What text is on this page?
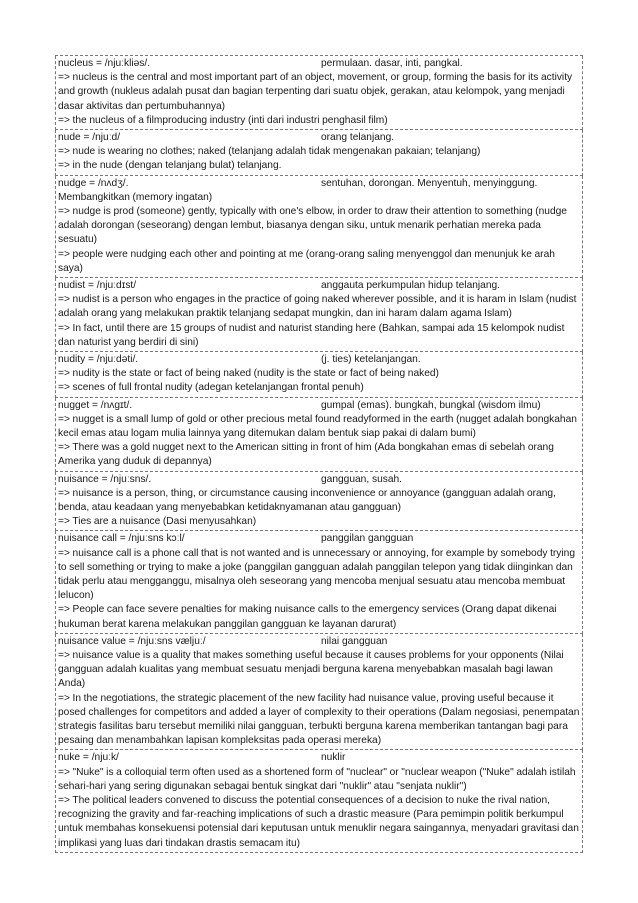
nucleus = /njuːkliəs/.	permulaan. dasar, inti, pangkal.
=> nucleus is the central and most important part of an object, movement, or group, forming the basis for its activity and growth (nukleus adalah pusat dan bagian terpenting dari suatu objek, gerakan, atau kelompok, yang menjadi dasar aktivitas dan pertumbuhannya)
=> the nucleus of a filmproducing industry (inti dari industri penghasil film)
nude = /njuːd/	orang telanjang.
=> nude is wearing no clothes; naked (telanjang adalah tidak mengenakan pakaian; telanjang)
=> in the nude (dengan telanjang bulat) telanjang.
nudge = /nʌdʒ/.	sentuhan, dorongan. Menyentuh, menyinggung.
Membangkitkan (memory ingatan)
=> nudge is prod (someone) gently, typically with one's elbow, in order to draw their attention to something (nudge adalah dorongan (seseorang) dengan lembut, biasanya dengan siku, untuk menarik perhatian mereka pada sesuatu)
=> people were nudging each other and pointing at me (orang-orang saling menyenggol dan menunjuk ke arah saya)
nudist = /njuːdɪst/	anggauta perkumpulan hidup telanjang.
=> nudist is a person who engages in the practice of going naked wherever possible, and it is haram in Islam (nudist adalah orang yang melakukan praktik telanjang sedapat mungkin, dan ini haram dalam agama Islam)
=> In fact, until there are 15 groups of nudist and naturist standing here (Bahkan, sampai ada 15 kelompok nudist dan naturist yang berdiri di sini)
nudity = /njuːdəti/.	(j. ties) ketelanjangan.
=> nudity is the state or fact of being naked (nudity is the state or fact of being naked)
=> scenes of full frontal nudity (adegan ketelanjangan frontal penuh)
nugget = /nʌɡɪt/.	gumpal (emas). bungkah, bungkal (wisdom ilmu)
=> nugget is a small lump of gold or other precious metal found readyformed in the earth (nugget adalah bongkahan kecil emas atau logam mulia lainnya yang ditemukan dalam bentuk siap pakai di dalam bumi)
=> There was a gold nugget next to the American sitting in front of him (Ada bongkahan emas di sebelah orang Amerika yang duduk di depannya)
nuisance = /njuːsns/.	gangguan, susah.
=> nuisance is a person, thing, or circumstance causing inconvenience or annoyance (gangguan adalah orang, benda, atau keadaan yang menyebabkan ketidaknyamanan atau gangguan)
=> Ties are a nuisance (Dasi menyusahkan)
nuisance call = /njuːsns kɔːl/	panggilan gangguan
=> nuisance call is a phone call that is not wanted and is unnecessary or annoying, for example by somebody trying to sell something or trying to make a joke (panggilan gangguan adalah panggilan telepon yang tidak diinginkan dan tidak perlu atau mengganggu, misalnya oleh seseorang yang mencoba menjual sesuatu atau mencoba membuat lelucon)
=> People can face severe penalties for making nuisance calls to the emergency services (Orang dapat dikenai hukuman berat karena melakukan panggilan gangguan ke layanan darurat)
nuisance value = /njuːsns væljuː/	nilai gangguan
=> nuisance value is a quality that makes something useful because it causes problems for your opponents (Nilai gangguan adalah kualitas yang membuat sesuatu menjadi berguna karena menyebabkan masalah bagi lawan Anda)
=> In the negotiations, the strategic placement of the new facility had nuisance value, proving useful because it posed challenges for competitors and added a layer of complexity to their operations (Dalam negosiasi, penempatan strategis fasilitas baru tersebut memiliki nilai gangguan, terbukti berguna karena memberikan tantangan bagi para pesaing dan menambahkan lapisan kompleksitas pada operasi mereka)
nuke = /njuːk/	nuklir
=> "Nuke" is a colloquial term often used as a shortened form of "nuclear" or "nuclear weapon ("Nuke" adalah istilah sehari-hari yang sering digunakan sebagai bentuk singkat dari "nuklir" atau "senjata nuklir")
=> The political leaders convened to discuss the potential consequences of a decision to nuke the rival nation, recognizing the gravity and far-reaching implications of such a drastic measure (Para pemimpin politik berkumpul untuk membahas konsekuensi potensial dari keputusan untuk menuklir negara saingannya, menyadari gravitasi dan implikasi yang luas dari tindakan drastis semacam itu)
